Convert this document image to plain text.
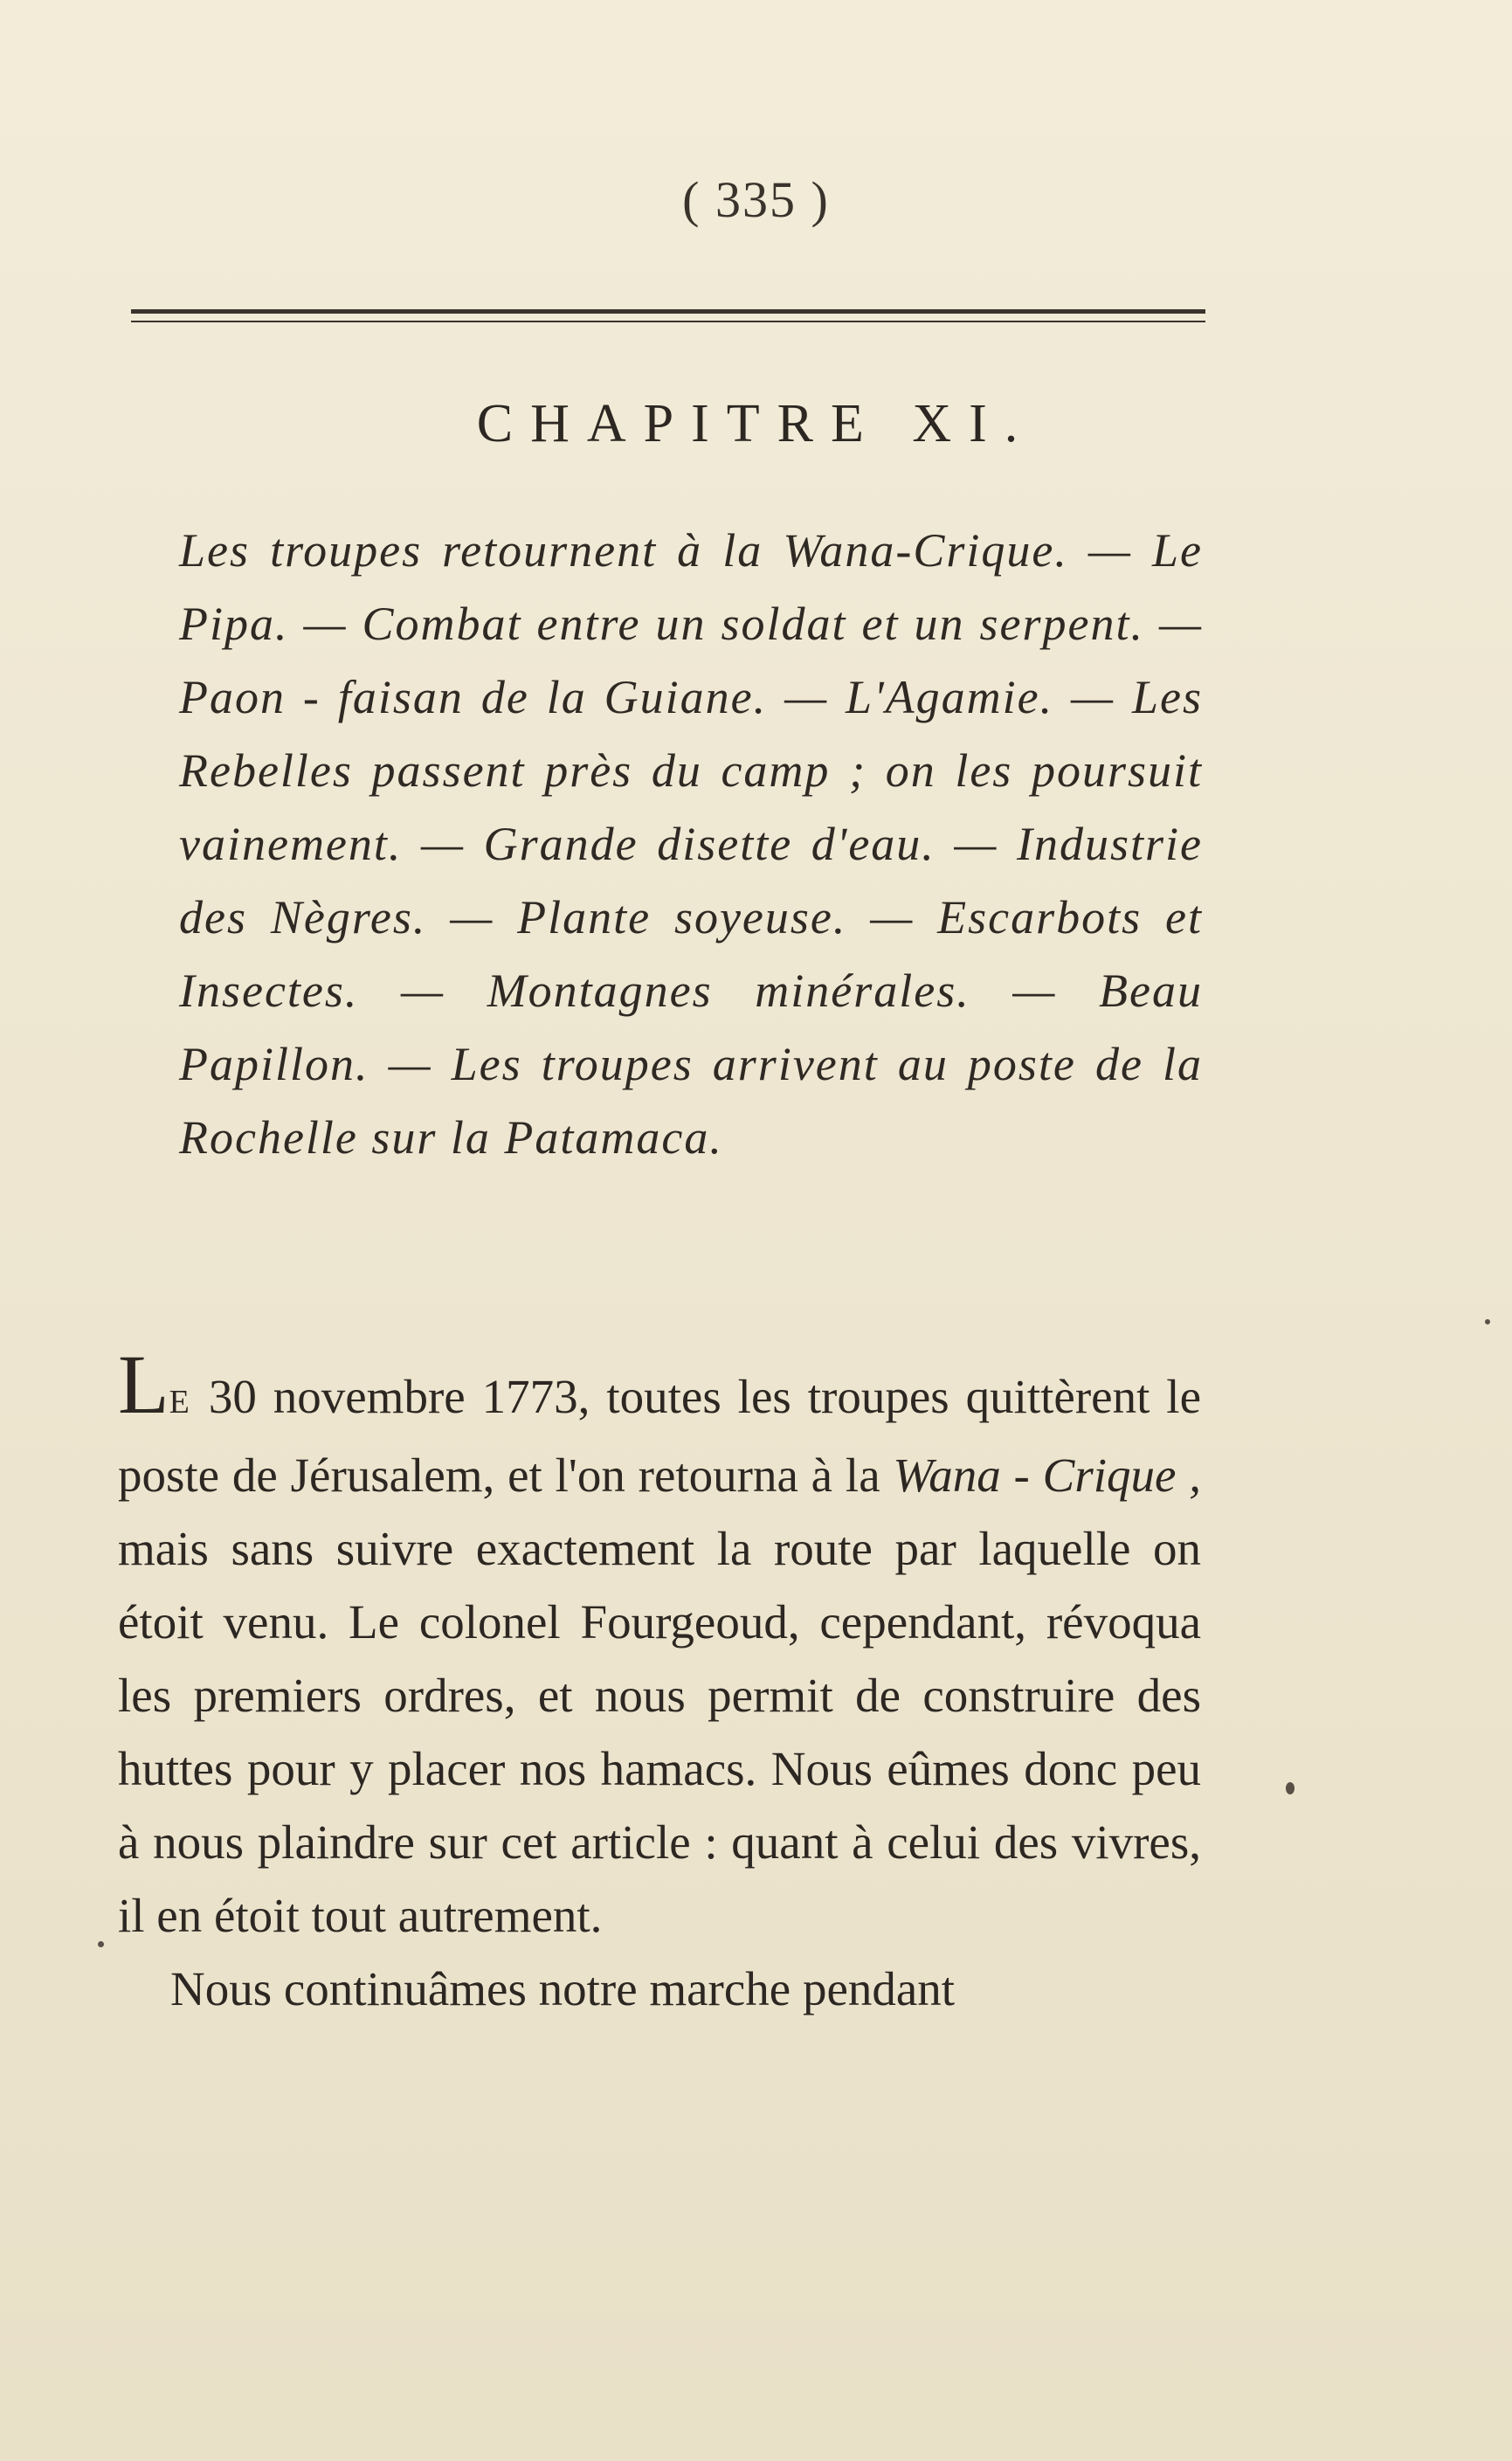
( 335 )
CHAPITRE XI.
Les troupes retournent à la Wana-Crique. — Le Pipa. — Combat entre un soldat et un serpent. — Paon - faisan de la Guiane. — L'Agamie. — Les Rebelles passent près du camp ; on les poursuit vainement. — Grande disette d'eau. — Industrie des Nègres. — Plante soyeuse. — Escarbots et Insectes. — Montagnes minérales. — Beau Papillon. — Les troupes arrivent au poste de la Rochelle sur la Patamaca.

LE 30 novembre 1773, toutes les troupes quittèrent le poste de Jérusalem, et l'on retourna à la Wana - Crique , mais sans suivre exactement la route par laquelle on étoit venu. Le colonel Fourgeoud, cependant, révoqua les premiers ordres, et nous permit de construire des huttes pour y placer nos hamacs. Nous eûmes donc peu à nous plaindre sur cet article : quant à celui des vivres, il en étoit tout autrement.

Nous continuâmes notre marche pendant
